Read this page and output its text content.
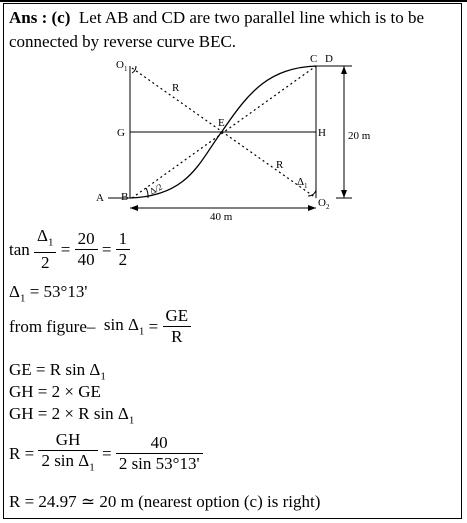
Ans : (c) Let AB and CD are two parallel line which is to be connected by reverse curve BEC.
O 1
R
G
E
H
R
A B
C D
O 2
Δ 1
Δ/2
20 m
40 m
$\tan \frac{\Delta_1}{2} = \frac{20}{40} = \frac{1}{2}$
$\Delta_1 = 53^\circ 13'$
from figure– $\sin \Delta_1 = \frac{GE}{R}$
GE = R $\sin \Delta_1$
GH = 2 × GE
GH = 2 × R $\sin \Delta_1$
$R = \frac{GH}{2 \sin \Delta_1} = \frac{40}{2 \sin 53^\circ 13'}$
R = 24.97 ≃ 20 m (nearest option (c) is right)
